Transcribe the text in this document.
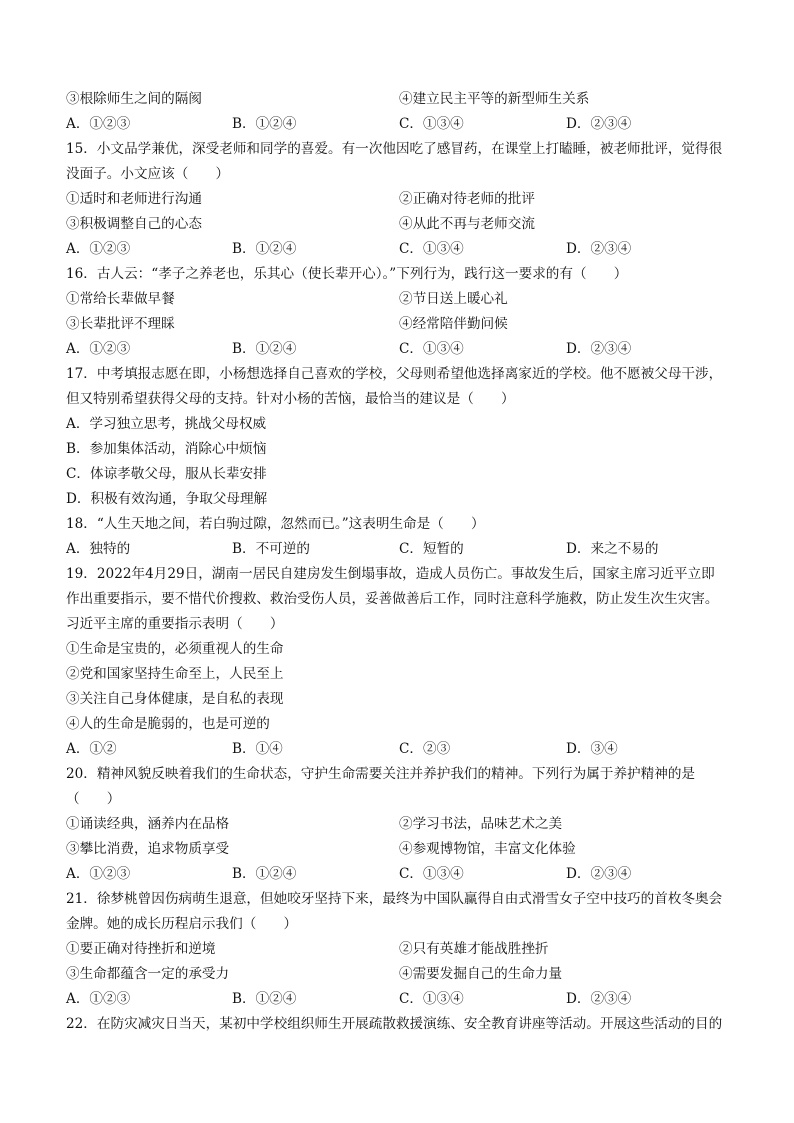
③根除师生之间的隔阂	④建立民主平等的新型师生关系
A．①②③	B．①②④	C．①③④	D．②③④
15．小文品学兼优，深受老师和同学的喜爱。有一次他因吃了感冒药，在课堂上打瞌睡，被老师批评，觉得很
没面子。小文应该（　　）
①适时和老师进行沟通	②正确对待老师的批评
③积极调整自己的心态	④从此不再与老师交流
A．①②③	B．①②④	C．①③④	D．②③④
16．古人云：“孝子之养老也，乐其心（使长辈开心）。”下列行为，践行这一要求的有（　　）
①常给长辈做早餐	②节日送上暖心礼
③长辈批评不理睬	④经常陪伴勤问候
A．①②③	B．①②④	C．①③④	D．②③④
17．中考填报志愿在即，小杨想选择自己喜欢的学校，父母则希望他选择离家近的学校。他不愿被父母干涉，
但又特别希望获得父母的支持。针对小杨的苦恼，最恰当的建议是（　　）
A．学习独立思考，挑战父母权威
B．参加集体活动，消除心中烦恼
C．体谅孝敬父母，服从长辈安排
D．积极有效沟通，争取父母理解
18．“人生天地之间，若白驹过隙，忽然而已。”这表明生命是（　　）
A．独特的	B．不可逆的	C．短暂的	D．来之不易的
19．2022年4月29日，湖南一居民自建房发生倒塌事故，造成人员伤亡。事故发生后，国家主席习近平立即
作出重要指示，要不惜代价搜救、救治受伤人员，妥善做善后工作，同时注意科学施救，防止发生次生灾害。
习近平主席的重要指示表明（　　）
①生命是宝贵的，必须重视人的生命
②党和国家坚持生命至上，人民至上
③关注自己身体健康，是自私的表现
④人的生命是脆弱的，也是可逆的
A．①②	B．①④	C．②③	D．③④
20．精神风貌反映着我们的生命状态，守护生命需要关注并养护我们的精神。下列行为属于养护精神的是
（　　）
①诵读经典，涵养内在品格	②学习书法，品味艺术之美
③攀比消费，追求物质享受	④参观博物馆，丰富文化体验
A．①②③	B．①②④	C．①③④	D．②③④
21．徐梦桃曾因伤病萌生退意，但她咬牙坚持下来，最终为中国队赢得自由式滑雪女子空中技巧的首枚冬奥会
金牌。她的成长历程启示我们（　　）
①要正确对待挫折和逆境	②只有英雄才能战胜挫折
③生命都蕴含一定的承受力	④需要发掘自己的生命力量
A．①②③	B．①②④	C．①③④	D．②③④
22．在防灾减灾日当天，某初中学校组织师生开展疏散救援演练、安全教育讲座等活动。开展这些活动的目的
